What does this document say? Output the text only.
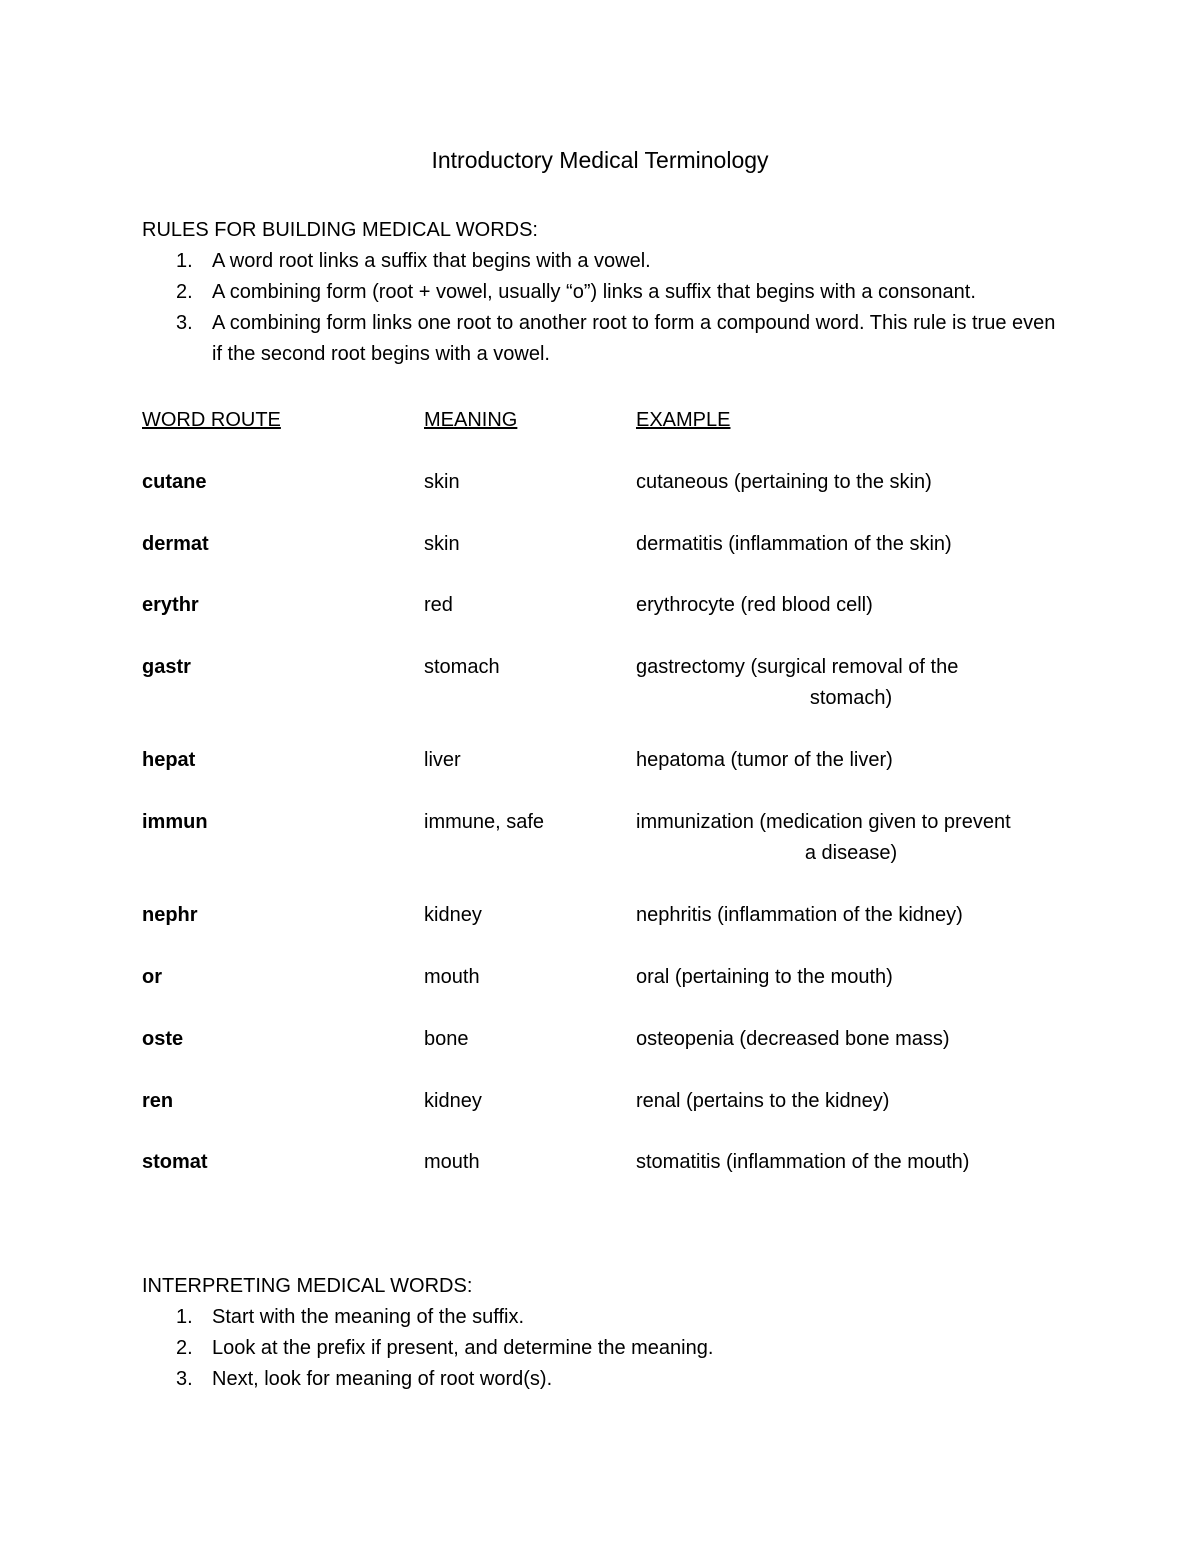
Introductory Medical Terminology
RULES FOR BUILDING MEDICAL WORDS:
1. A word root links a suffix that begins with a vowel.
2. A combining form (root + vowel, usually “o”) links a suffix that begins with a consonant.
3. A combining form links one root to another root to form a compound word. This rule is true even if the second root begins with a vowel.
WORD ROUTE	MEANING	EXAMPLE
cutane	skin	cutaneous (pertaining to the skin)
dermat	skin	dermatitis (inflammation of the skin)
erythr	red	erythrocyte (red blood cell)
gastr	stomach	gastrectomy (surgical removal of the
stomach)
hepat	liver	hepatoma (tumor of the liver)
immun	immune, safe	immunization (medication given to prevent
a disease)
nephr	kidney	nephritis (inflammation of the kidney)
or	mouth	oral (pertaining to the mouth)
oste	bone	osteopenia (decreased bone mass)
ren	kidney	renal (pertains to the kidney)
stomat	mouth	stomatitis (inflammation of the mouth)
INTERPRETING MEDICAL WORDS:
1. Start with the meaning of the suffix.
2. Look at the prefix if present, and determine the meaning.
3. Next, look for meaning of root word(s).
